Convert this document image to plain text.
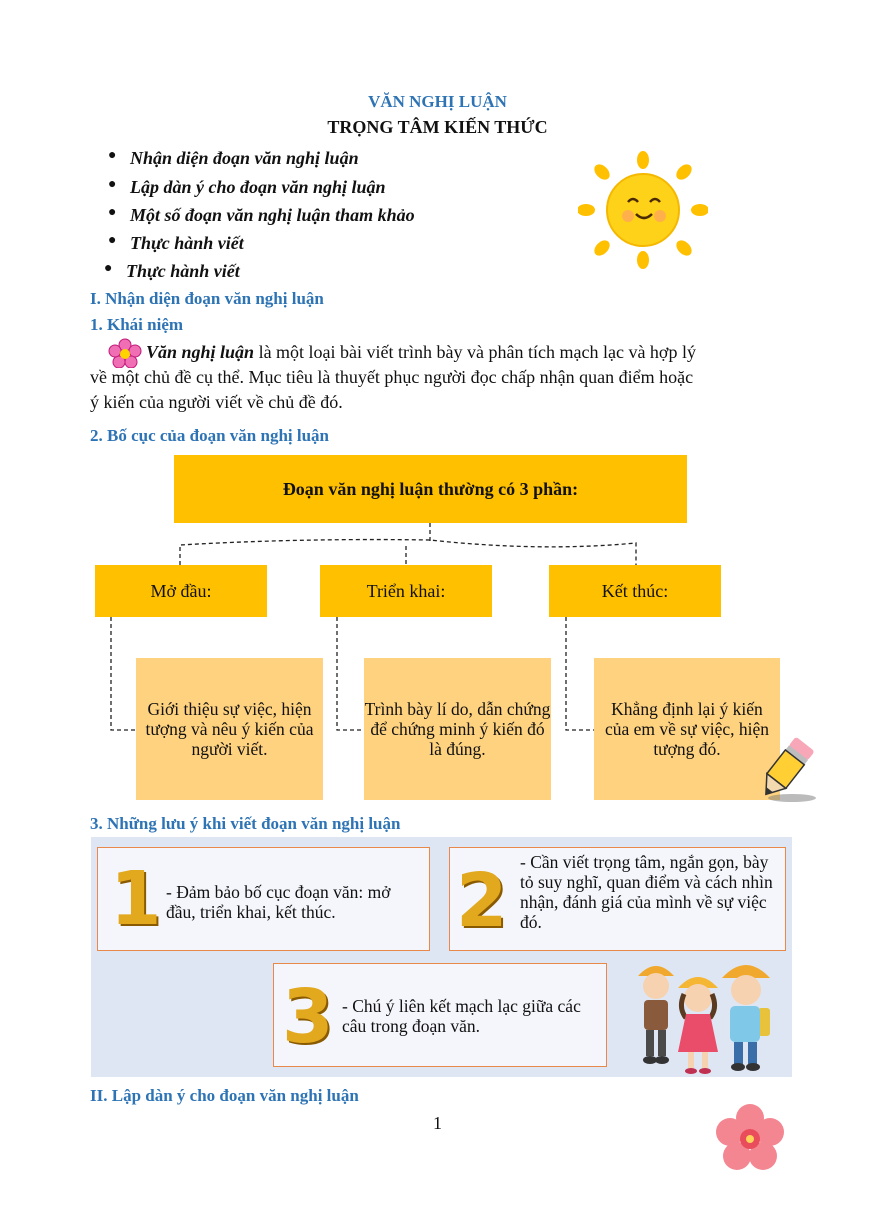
VĂN NGHỊ LUẬN
TRỌNG TÂM KIẾN THỨC
● Nhận diện đoạn văn nghị luận
● Lập dàn ý cho đoạn văn nghị luận
● Một số đoạn văn nghị luận tham khảo
● Thực hành viết
● Thực hành viết
I. Nhận diện đoạn văn nghị luận
1. Khái niệm
Văn nghị luận là một loại bài viết trình bày và phân tích mạch lạc và hợp lý
về một chủ đề cụ thể. Mục tiêu là thuyết phục người đọc chấp nhận quan điểm hoặc
ý kiến của người viết về chủ đề đó.
2. Bố cục của đoạn văn nghị luận
Đoạn văn nghị luận thường có 3 phần:
Mở đầu:	Triển khai:	Kết thúc:
Giới thiệu sự việc, hiện tượng và nêu ý kiến của người viết.
Trình bày lí do, dẫn chứng để chứng minh ý kiến đó là đúng.
Khẳng định lại ý kiến của em về sự việc, hiện tượng đó.
3. Những lưu ý khi viết đoạn văn nghị luận
1 - Đảm bảo bố cục đoạn văn: mở đầu, triển khai, kết thúc.	2 - Cần viết trọng tâm, ngắn gọn, bày tỏ suy nghĩ, quan điểm và cách nhìn nhận, đánh giá của mình về sự việc đó.
3 - Chú ý liên kết mạch lạc giữa các câu trong đoạn văn.
II. Lập dàn ý cho đoạn văn nghị luận
1
